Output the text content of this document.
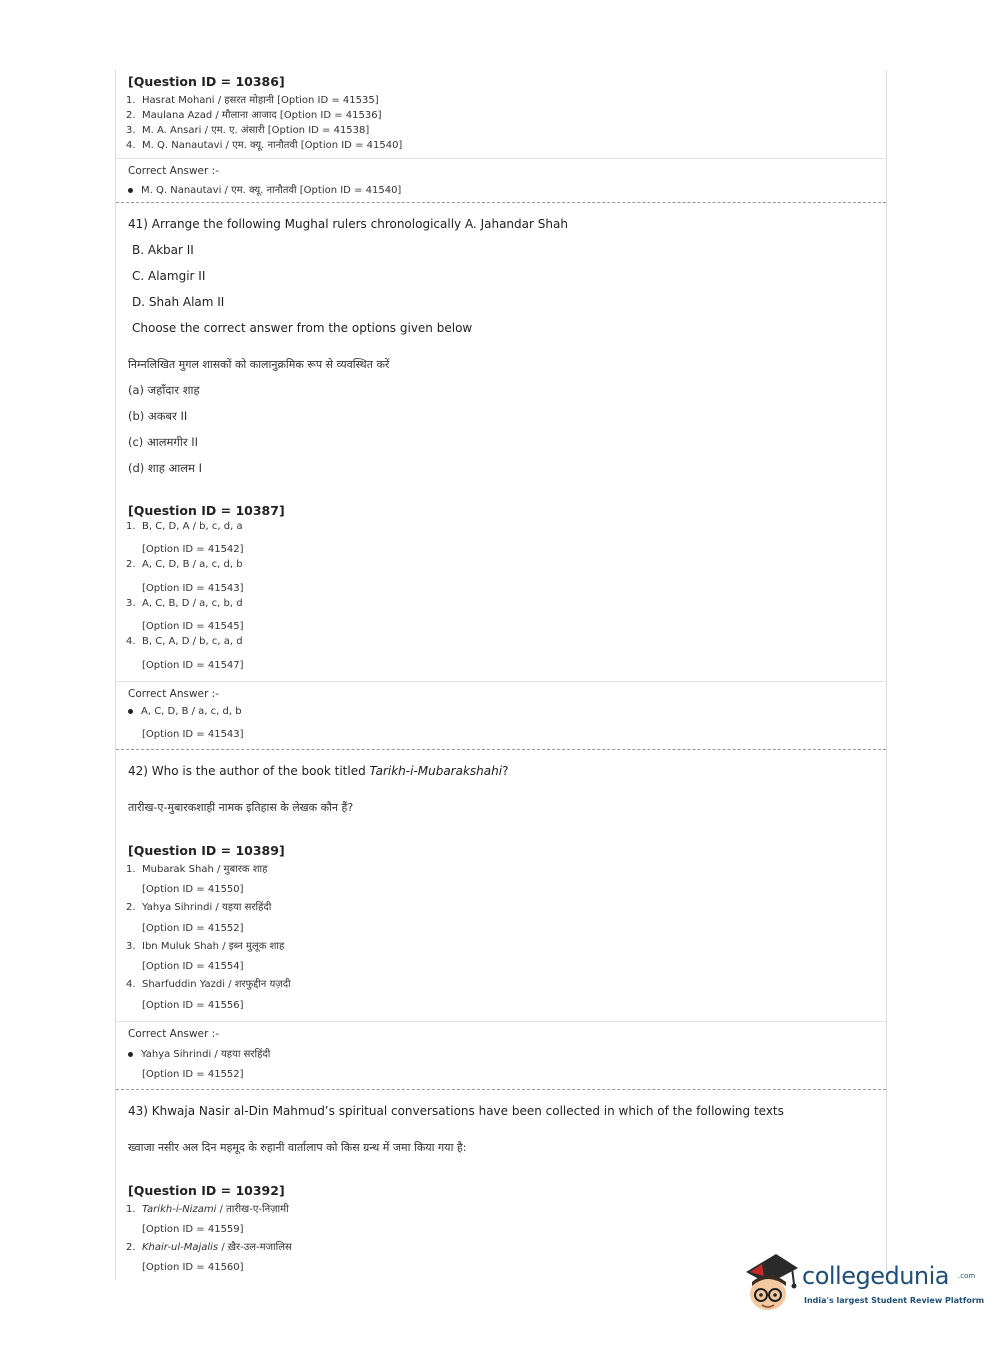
[Question ID = 10386]
1. Hasrat Mohani / हसरत मोहानी [Option ID = 41535]
2. Maulana Azad / मौलाना आजाद [Option ID = 41536]
3. M. A. Ansari / एम. ए. अंसारी [Option ID = 41538]
4. M. Q. Nanautavi / एम. क्यू. नानौतवी [Option ID = 41540]
Correct Answer :-
M. Q. Nanautavi / एम. क्यू. नानौतवी [Option ID = 41540]
41) Arrange the following Mughal rulers chronologically A. Jahandar Shah
B. Akbar II
C. Alamgir II
D. Shah Alam II
Choose the correct answer from the options given below
निम्नलिखित मुगल शासकों को कालानुक्रमिक रूप से व्यवस्थित करें
(a) जहाँदार शाह
(b) अकबर II
(c) आलमगीर II
(d) शाह आलम I
[Question ID = 10387]
1. B, C, D, A / b, c, d, a
[Option ID = 41542]
2. A, C, D, B / a, c, d, b
[Option ID = 41543]
3. A, C, B, D / a, c, b, d
[Option ID = 41545]
4. B, C, A, D / b, c, a, d
[Option ID = 41547]
Correct Answer :-
A, C, D, B / a, c, d, b
[Option ID = 41543]
42) Who is the author of the book titled Tarikh-i-Mubarakshahi?
तारीख-ए-मुबारकशाही नामक इतिहास के लेखक कौन हैं?
[Question ID = 10389]
1. Mubarak Shah / मुबारक शाह
[Option ID = 41550]
2. Yahya Sihrindi / यहया सरहिंदी
[Option ID = 41552]
3. Ibn Muluk Shah / इब्न मुलूक शाह
[Option ID = 41554]
4. Sharfuddin Yazdi / शरफुद्दीन यज़दी
[Option ID = 41556]
Correct Answer :-
Yahya Sihrindi / यहया सरहिंदी
[Option ID = 41552]
43) Khwaja Nasir al-Din Mahmud’s spiritual conversations have been collected in which of the following texts
ख्वाजा नसीर अल दिन महमूद के रुहानी वार्तालाप को किस ग्रन्थ में जमा किया गया है:
[Question ID = 10392]
1. Tarikh-i-Nizami / तारीख-ए-निज़ामी
[Option ID = 41559]
2. Khair-ul-Majalis / ख़ैर-उल-मजालिस
[Option ID = 41560]	collegedunia .com
India's largest Student Review Platform
